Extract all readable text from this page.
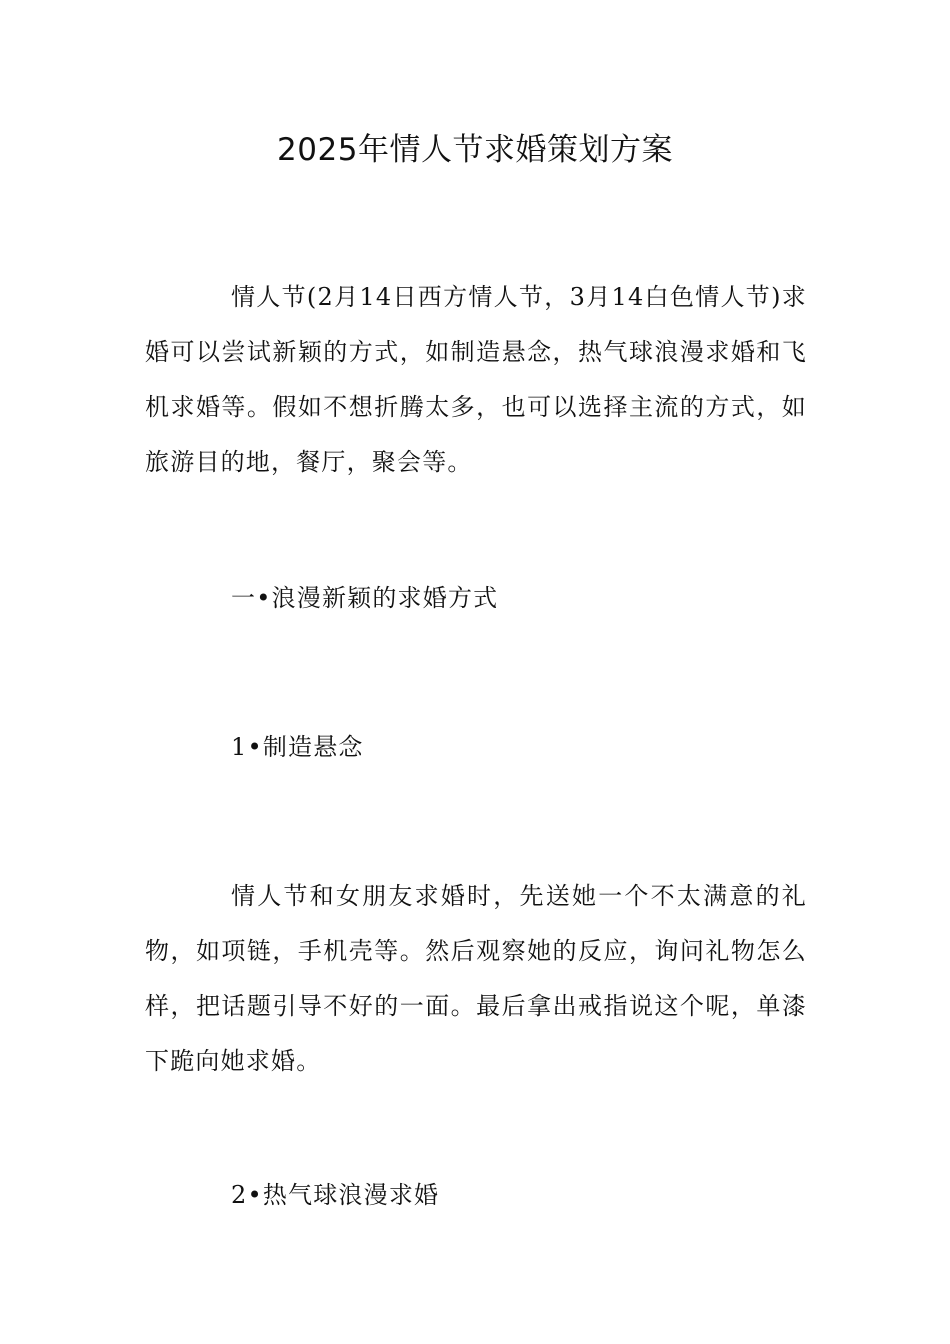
2025年情人节求婚策划方案

情人节(2月14日西方情人节，3月14白色情人节)求婚可以尝试新颖的方式，如制造悬念，热气球浪漫求婚和飞机求婚等。假如不想折腾太多，也可以选择主流的方式，如旅游目的地，餐厅，聚会等。

一•浪漫新颖的求婚方式
1•制造悬念

情人节和女朋友求婚时，先送她一个不太满意的礼物，如项链，手机壳等。然后观察她的反应，询问礼物怎么样，把话题引导不好的一面。最后拿出戒指说这个呢，单漆下跪向她求婚。

2•热气球浪漫求婚
